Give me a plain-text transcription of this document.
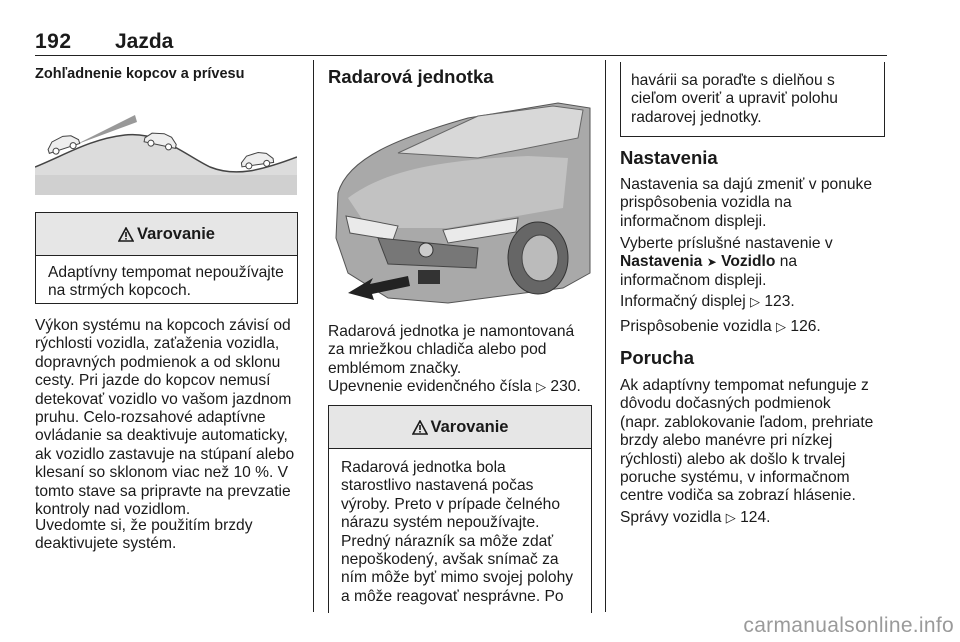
192 Jazda
Zohľadnenie kopcov a prívesu
Varovanie

Adaptívny tempomat nepoužívajte

na strmých kopcoch.

Výkon systému na kopcoch závisí od

rýchlosti vozidla, zaťaženia vozidla,

dopravných podmienok a od sklonu

cesty. Pri jazde do kopcov nemusí

detekovať vozidlo vo vašom jazdnom

pruhu. Celo-rozsahové adaptívne

ovládanie sa deaktivuje automaticky,

ak vozidlo zastavuje na stúpaní alebo

klesaní so sklonom viac než 10 %. V

tomto stave sa pripravte na prevzatie

kontroly nad vozidlom.

Uvedomte si, že použitím brzdy

deaktivujete systém.

Radarová jednotka

Radarová jednotka je namontovaná

za mriežkou chladiča alebo pod

emblémom značky.

Upevnenie evidenčného čísla ▷ 230.

Varovanie

Radarová jednotka bola

starostlivo nastavená počas

výroby. Preto v prípade čelného

nárazu systém nepoužívajte.

Predný nárazník sa môže zdať

nepoškodený, avšak snímač za

ním môže byť mimo svojej polohy

a môže reagovať nesprávne. Po

havárii sa poraďte s dielňou s

cieľom overiť a upraviť polohu

radarovej jednotky.

Nastavenia

Nastavenia sa dajú zmeniť v ponuke

prispôsobenia vozidla na

informačnom displeji.

Vyberte príslušné nastavenie v

Nastavenia ➤ Vozidlo na

informačnom displeji.

Informačný displej ▷ 123.

Prispôsobenie vozidla ▷ 126.

Porucha

Ak adaptívny tempomat nefunguje z

dôvodu dočasných podmienok

(napr. zablokovanie ľadom, prehriate

brzdy alebo manévre pri nízkej

rýchlosti) alebo ak došlo k trvalej

poruche systému, v informačnom

centre vodiča sa zobrazí hlásenie.

Správy vozidla ▷ 124.

carmanualsonline.info
